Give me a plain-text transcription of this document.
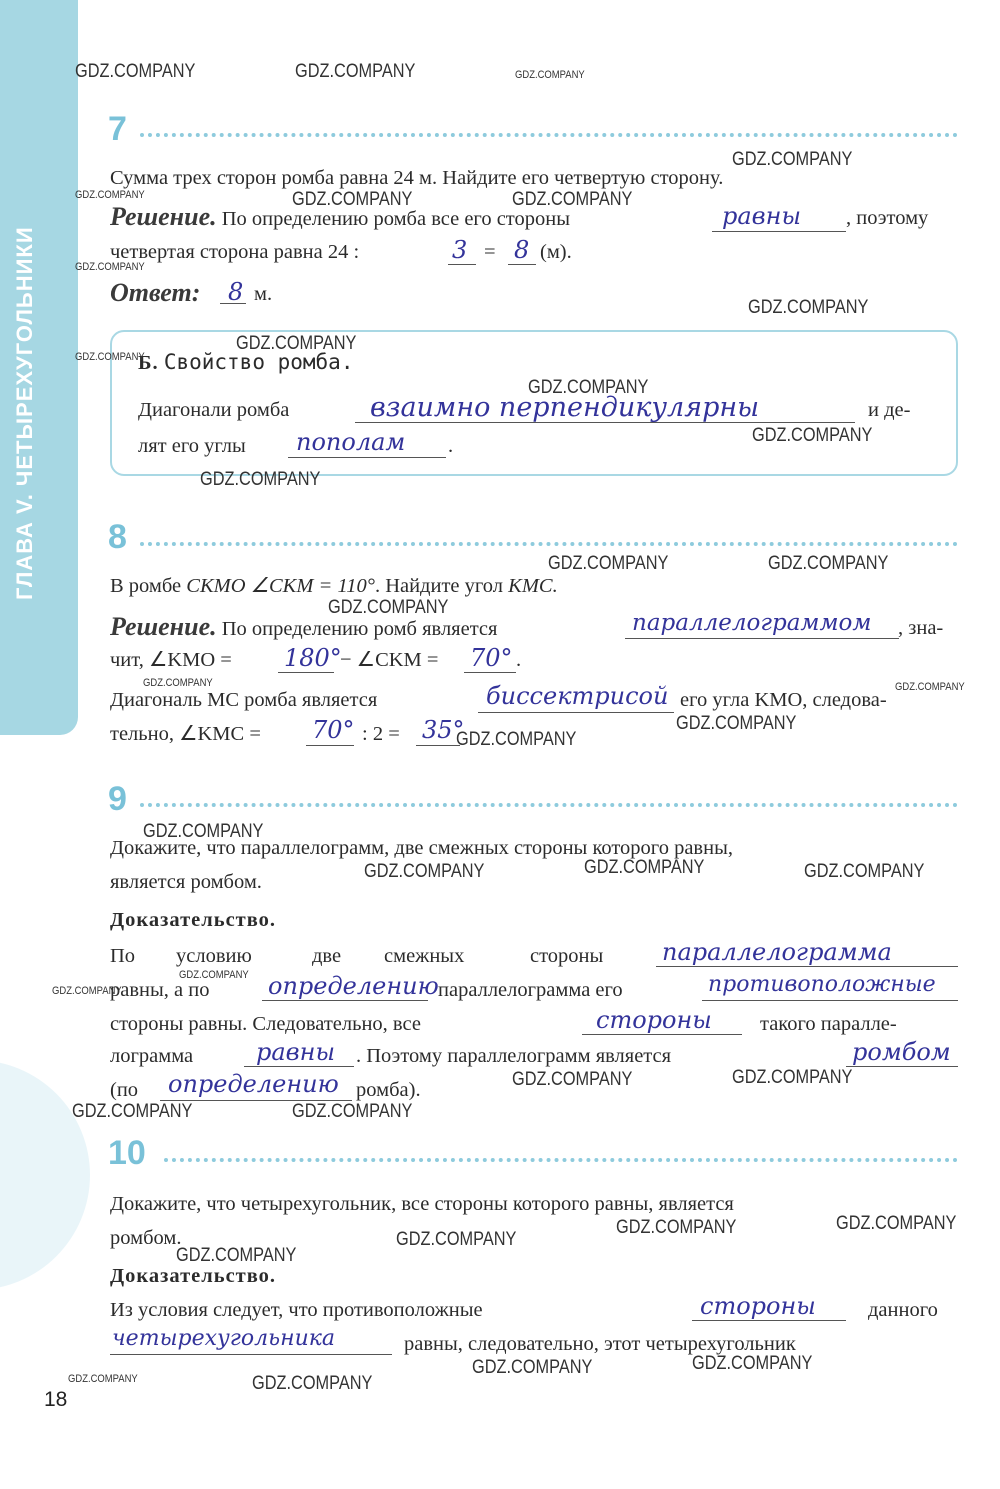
ГЛАВА V. ЧЕТЫРЕХУГОЛЬНИКИ
7
Сумма трех сторон ромба равна 24 м. Найдите его четвертую сторону.
Решение. По определению ромба все его стороны	равны , поэтому
четвертая сторона равна 24 :	3 = 8 (м).
Ответ: 8 м.
Б. Свойство ромба.
Диагонали ромба	взаимно перпендикулярны	и де-
лят его углы пополам .
8
В ромбе CKMO ∠CKM = 110°. Найдите угол KMC.
Решение. По определению ромб является	параллелограммом , зна-
чит, ∠KMO = 180°
− ∠CKM = 70° .
Диагональ MC ромба является	биссектрисой его угла KMO, следова-
тельно, ∠KMC = 70° : 2 = 35°
9
Докажите, что параллелограмм, две смежных стороны которого равны,
является ромбом.
Доказательство.
По условию	две смежных	стороны параллелограмма
равны, а по определению параллелограмма его	противоположные
стороны равны. Следовательно, все	стороны такого паралле-
лограмма	равны . Поэтому параллелограмм является	ромбом
(по определению ромба).
10
Докажите, что четырехугольник, все стороны которого равны, является
ромбом.
Доказательство.
Из условия следует, что противоположные	стороны	данного
четырехугольника	равны, следовательно, этот четырехугольник
18
GDZ.COMPANY	GDZ.COMPANY	GDZ.COMPANY
GDZ.COMPANY
GDZ.COMPANY	GDZ.COMPANY	GDZ.COMPANY
GDZ.COMPANY
GDZ.COMPANY
GDZ.COMPANY
GDZ.COMPANY
GDZ.COMPANY
GDZ.COMPANY
GDZ.COMPANY
GDZ.COMPANY	GDZ.COMPANY
GDZ.COMPANY
GDZ.COMPANY	GDZ.COMPANY
GDZ.COMPANY
GDZ.COMPANY
GDZ.COMPANY
GDZ.COMPANY
GDZ.COMPANY	GDZ.COMPANY
GDZ.COMPANY
GDZ.COMPANY
GDZ.COMPANY
GDZ.COMPANY
GDZ.COMPANY	GDZ.COMPANY
GDZ.COMPANY
GDZ.COMPANY
GDZ.COMPANY
GDZ.COMPANY
GDZ.COMPANY
GDZ.COMPANY
GDZ.COMPANY	GDZ.COMPANY
